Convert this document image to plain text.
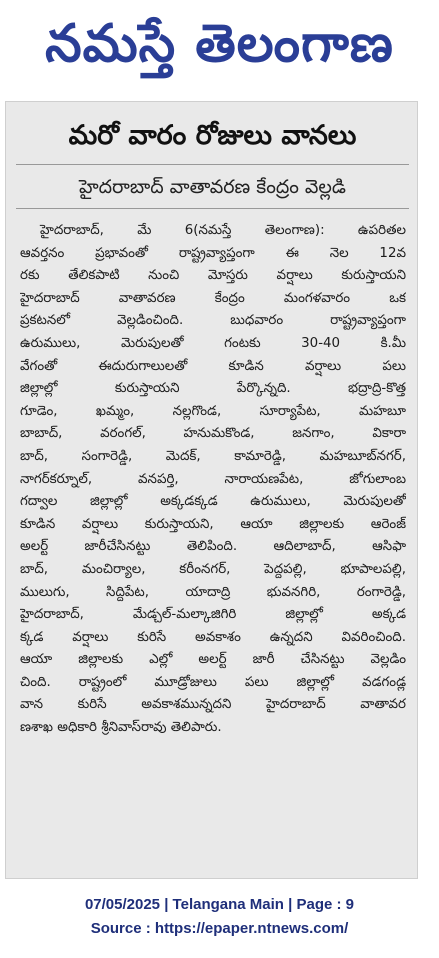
నమస్తే తెలంగాణ
మరో వారం రోజులు వానలు
హైదరాబాద్ వాతావరణ కేంద్రం వెల్లడి
హైదరాబాద్, మే 6(నమస్తే తెలంగాణ): ఉపరితల
ఆవర్తనం ప్రభావంతో రాష్ట్రవ్యాప్తంగా ఈ నెల 12వ
రకు తేలికపాటి నుంచి మోస్తరు వర్షాలు కురుస్తాయని
హైదరాబాద్ వాతావరణ కేంద్రం మంగళవారం ఒక
ప్రకటనలో వెల్లడించింది. బుధవారం రాష్ట్రవ్యాప్తంగా
ఉరుములు, మెరుపులతో గంటకు 30-40 కి.మీ
వేగంతో ఈదురుగాలులతో కూడిన వర్షాలు పలు
జిల్లాల్లో కురుస్తాయని పేర్కొన్నది. భద్రాద్రి-కొత్త
గూడెం, ఖమ్మం, నల్లగొండ, సూర్యాపేట, మహబూ
బాబాద్, వరంగల్, హనుమకొండ, జనగాం, వికారా
బాద్, సంగారెడ్డి, మెదక్, కామారెడ్డి, మహబూబ్‌నగర్,
నాగర్‌కర్నూల్, వనపర్తి, నారాయణపేట, జోగులాంబ
గద్వాల జిల్లాల్లో అక్కడక్కడ ఉరుములు, మెరుపులతో
కూడిన వర్షాలు కురుస్తాయని, ఆయా జిల్లాలకు ఆరెంజ్
అలర్ట్ జారీచేసినట్టు తెలిపింది. ఆదిలాబాద్, ఆసిఫా
బాద్, మంచిర్యాల, కరీంనగర్, పెద్దపల్లి, భూపాలపల్లి,
ములుగు, సిద్దిపేట, యాదాద్రి భువనగిరి, రంగారెడ్డి,
హైదరాబాద్, మేడ్చల్-మల్కాజిగిరి జిల్లాల్లో అక్కడ
క్కడ వర్షాలు కురిసే అవకాశం ఉన్నదని వివరించింది.
ఆయా జిల్లాలకు ఎల్లో అలర్ట్ జారీ చేసినట్టు వెల్లడిం
చింది. రాష్ట్రంలో మూడ్రోజులు పలు జిల్లాల్లో వడగండ్ల
వాన కురిసే అవకాశమున్నదని హైదరాబాద్ వాతావర
ణశాఖ అధికారి శ్రీనివాస్‌రావు తెలిపారు.
07/05/2025 | Telangana Main | Page : 9
Source : https://epaper.ntnews.com/
